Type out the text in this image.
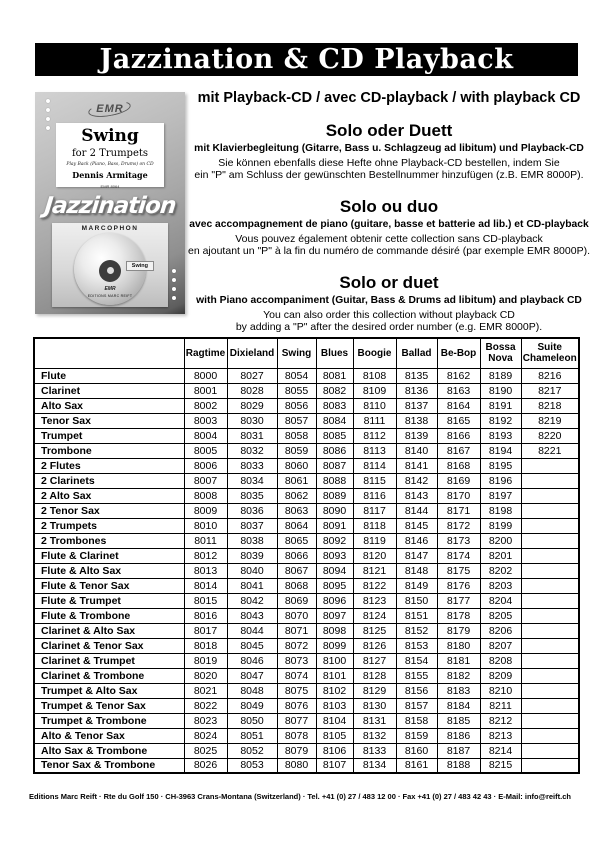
Jazzination & CD Playback
EMR
Swing
for 2 Trumpets
Play Back (Piano, Bass, Drums) on CD
Dennis Armitage
EMR 8064
Jazzination
MARCOPHON
Swing
EMR
EDITIONS MARC REIFT
mit Playback-CD / avec CD-playback / with playback CD
Solo oder Duett
mit Klavierbegleitung (Gitarre, Bass u. Schlagzeug ad libitum) und Playback-CD
Sie können ebenfalls diese Hefte ohne Playback-CD bestellen, indem Sie
ein "P" am Schluss der gewünschten Bestellnummer hinzufügen (z.B. EMR 8000P).
Solo ou duo
avec accompagnement de piano (guitare, basse et batterie ad lib.) et CD-playback
Vous pouvez également obtenir cette collection sans CD-playback
en ajoutant un "P" à la fin du numéro de commande désiré (par exemple EMR 8000P).
Solo or duet
with Piano accompaniment (Guitar, Bass & Drums ad libitum) and playback CD
You can also order this collection without playback CD
by adding a "P" after the desired order number (e.g. EMR 8000P).
	Ragtime	Dixieland	Swing	Blues	Boogie	Ballad	Be-Bop	Bossa Nova	Suite Chameleon
Flute	8000	8027	8054	8081	8108	8135	8162	8189	8216
Clarinet	8001	8028	8055	8082	8109	8136	8163	8190	8217
Alto Sax	8002	8029	8056	8083	8110	8137	8164	8191	8218
Tenor Sax	8003	8030	8057	8084	8111	8138	8165	8192	8219
Trumpet	8004	8031	8058	8085	8112	8139	8166	8193	8220
Trombone	8005	8032	8059	8086	8113	8140	8167	8194	8221
2 Flutes	8006	8033	8060	8087	8114	8141	8168	8195	
2 Clarinets	8007	8034	8061	8088	8115	8142	8169	8196	
2 Alto Sax	8008	8035	8062	8089	8116	8143	8170	8197	
2 Tenor Sax	8009	8036	8063	8090	8117	8144	8171	8198	
2 Trumpets	8010	8037	8064	8091	8118	8145	8172	8199	
2 Trombones	8011	8038	8065	8092	8119	8146	8173	8200	
Flute & Clarinet	8012	8039	8066	8093	8120	8147	8174	8201	
Flute & Alto Sax	8013	8040	8067	8094	8121	8148	8175	8202	
Flute & Tenor Sax	8014	8041	8068	8095	8122	8149	8176	8203	
Flute & Trumpet	8015	8042	8069	8096	8123	8150	8177	8204	
Flute & Trombone	8016	8043	8070	8097	8124	8151	8178	8205	
Clarinet & Alto Sax	8017	8044	8071	8098	8125	8152	8179	8206	
Clarinet & Tenor Sax	8018	8045	8072	8099	8126	8153	8180	8207	
Clarinet & Trumpet	8019	8046	8073	8100	8127	8154	8181	8208	
Clarinet & Trombone	8020	8047	8074	8101	8128	8155	8182	8209	
Trumpet & Alto Sax	8021	8048	8075	8102	8129	8156	8183	8210	
Trumpet & Tenor Sax	8022	8049	8076	8103	8130	8157	8184	8211	
Trumpet & Trombone	8023	8050	8077	8104	8131	8158	8185	8212	
Alto & Tenor Sax	8024	8051	8078	8105	8132	8159	8186	8213	
Alto Sax & Trombone	8025	8052	8079	8106	8133	8160	8187	8214	
Tenor Sax & Trombone	8026	8053	8080	8107	8134	8161	8188	8215	
Editions Marc Reift · Rte du Golf 150 · CH-3963 Crans-Montana (Switzerland) · Tel. +41 (0) 27 / 483 12 00 · Fax +41 (0) 27 / 483 42 43 · E-Mail: info@reift.ch
